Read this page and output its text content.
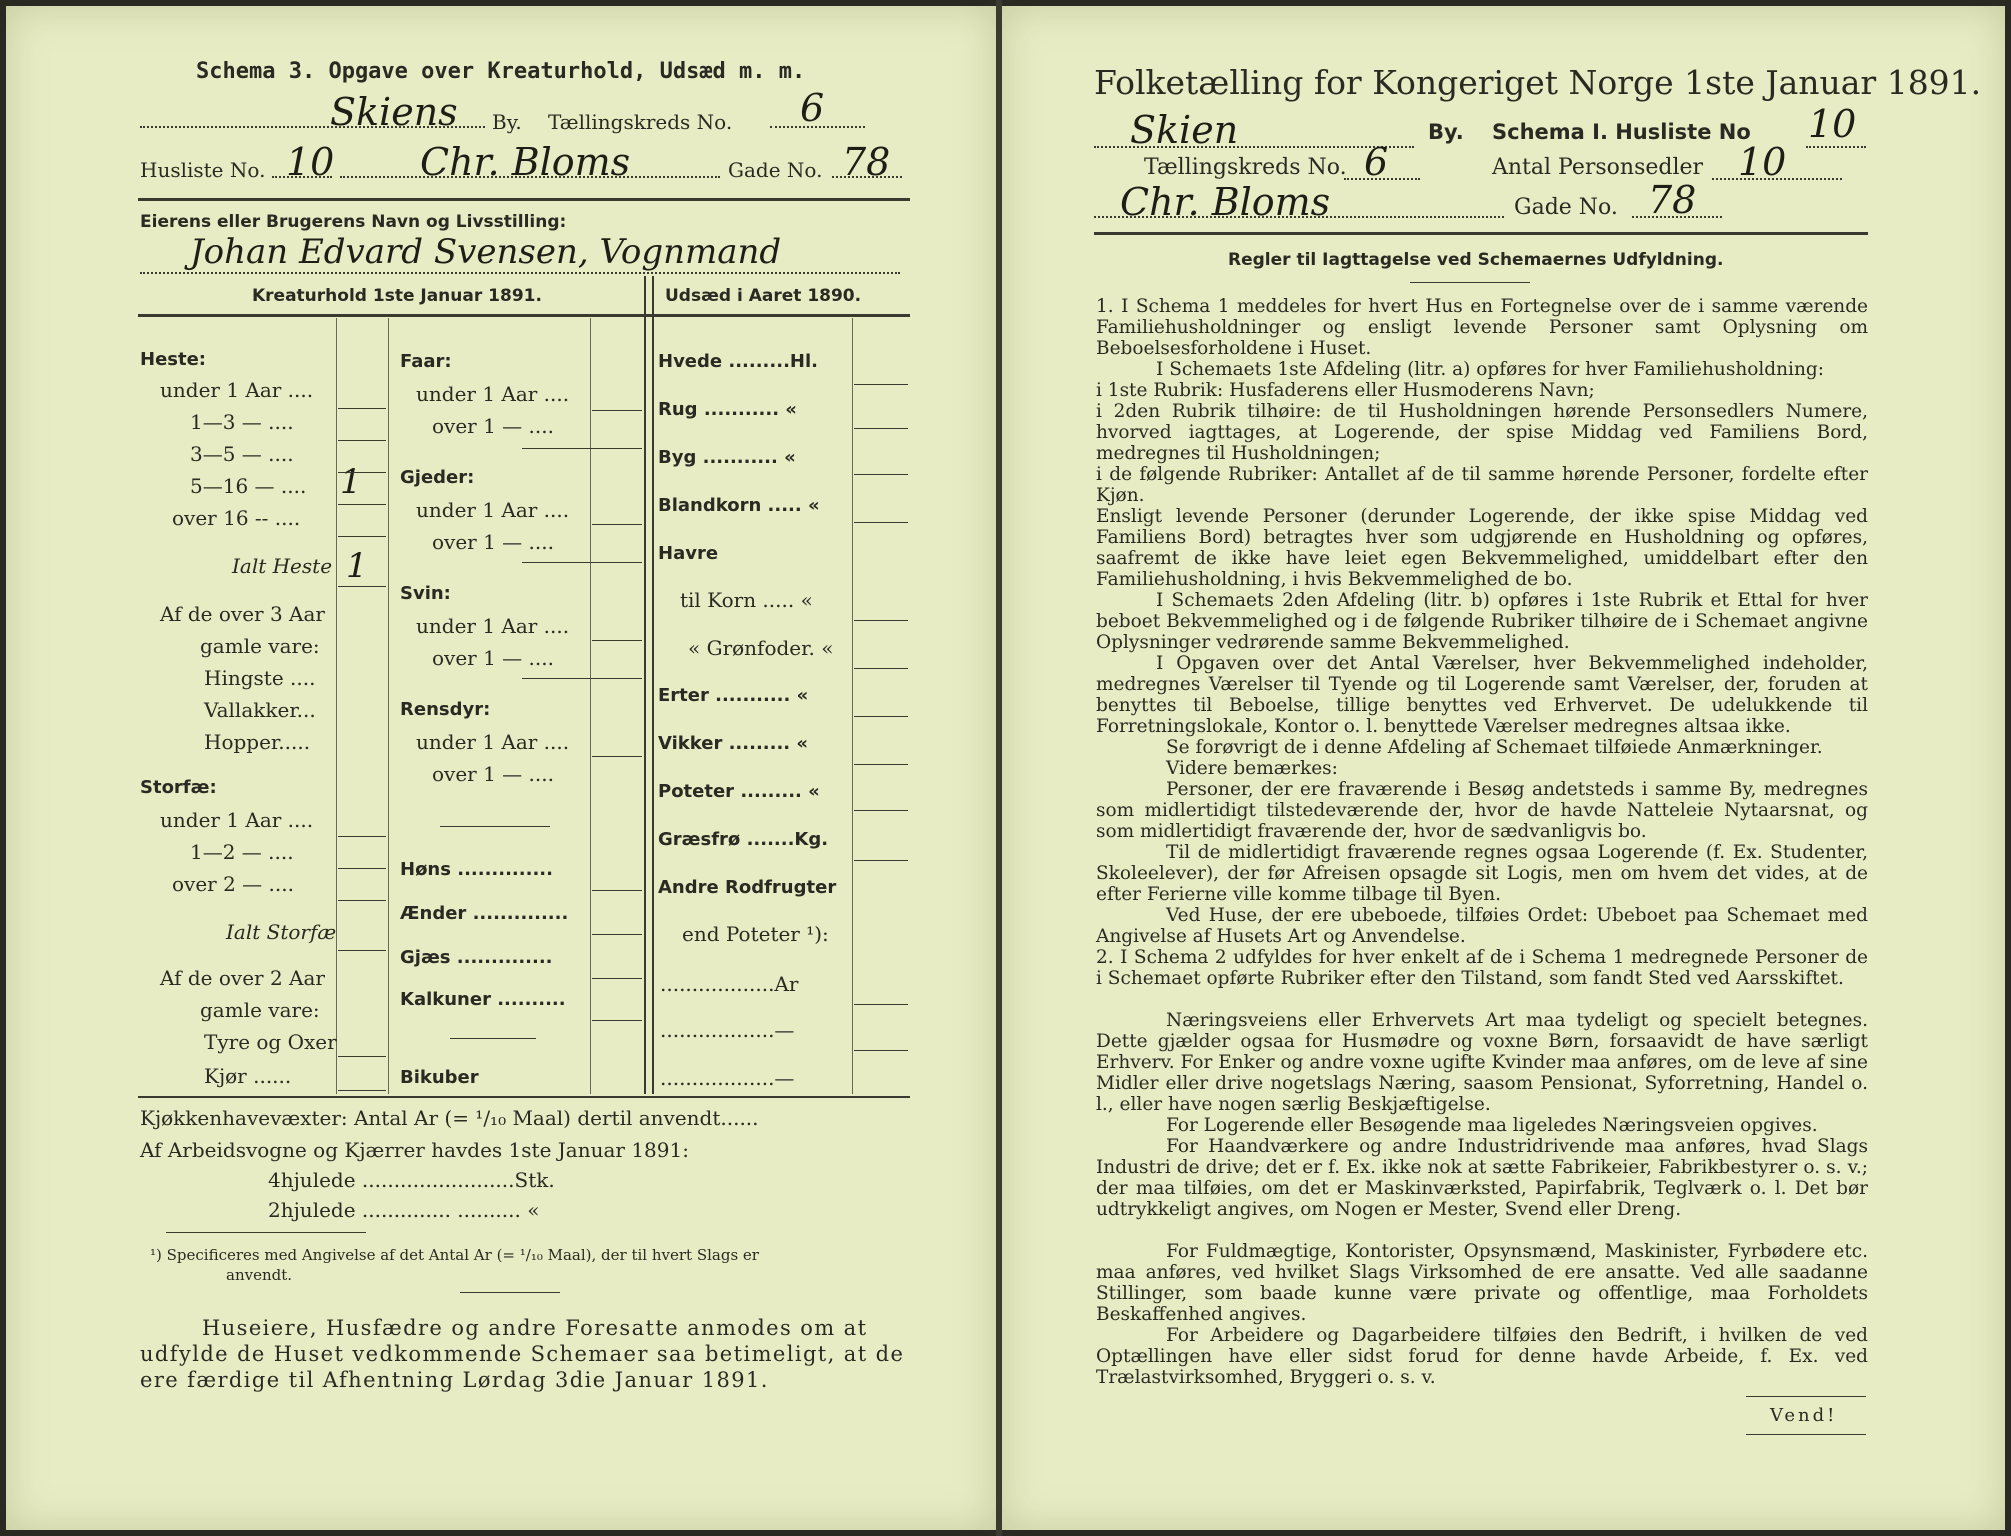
Schema 3. Opgave over Kreaturhold, Udsæd m. m.
Skiens By. Tællingskreds No. 6
Husliste No. 10 Chr. Bloms	Gade No. 78
Eierens eller Brugerens Navn og Livsstilling:
Johan Edvard Svensen, Vognmand
Kreaturhold 1ste Januar 1891.	Udsæd i Aaret 1890.
Heste:
under 1 Aar ....
1—3 — ....
3—5 — ....
5—16 — .... 1
over 16 -- ....
Ialt Heste 1
Af de over 3 Aar
gamle vare:
Hingste ....
Vallakker...
Hopper.....
Storfæ:
under 1 Aar ....
1—2 — ....
over 2 — ....
Ialt Storfæ
Af de over 2 Aar
gamle vare:
Tyre og Oxer
Kjør ......
Faar:
under 1 Aar ....
over 1 — ....
Gjeder:
under 1 Aar ....
over 1 — ....
Svin:
under 1 Aar ....
over 1 — ....
Rensdyr:
under 1 Aar ....
over 1 — ....
Høns ..............
Ænder ..............
Gjæs ..............
Kalkuner ..........
Bikuber
Hvede .........Hl.
Rug ........... «
Byg ........... «
Blandkorn ..... «
Havre
til Korn ..... «
« Grønfoder. «
Erter ........... «
Vikker ......... «
Poteter ......... «
Græsfrø .......Kg.
Andre Rodfrugter
end Poteter ¹):
..................Ar
..................—
..................—
Kjøkkenhavevæxter: Antal Ar (= ¹/₁₀ Maal) dertil anvendt......
Af Arbeidsvogne og Kjærrer havdes 1ste Januar 1891:
4hjulede ........................Stk.
2hjulede .............. .......... «
¹) Specificeres med Angivelse af det Antal Ar (= ¹/₁₀ Maal), der til hvert Slags er
anvendt.
Huseiere, Husfædre og andre Foresatte anmodes om at
udfylde de Huset vedkommende Schemaer saa betimeligt, at de
ere færdige til Afhentning Lørdag 3die Januar 1891.
Folketælling for Kongeriget Norge 1ste Januar 1891.
Skien	By. Schema I. Husliste No 10
Tællingskreds No. 6	Antal Personsedler 10
Chr. Bloms	Gade No. 78
Regler til Iagttagelse ved Schemaernes Udfyldning.
1. I Schema 1 meddeles for hvert Hus en Fortegnelse over de i samme værende Familiehusholdninger og ensligt levende Personer samt Oplysning om Beboelsesforholdene i Huset.
I Schemaets 1ste Afdeling (litr. a) opføres for hver Familiehusholdning:
i 1ste Rubrik: Husfaderens eller Husmoderens Navn;
i 2den Rubrik tilhøire: de til Husholdningen hørende Personsedlers Numere, hvorved iagttages, at Logerende, der spise Middag ved Familiens Bord, medregnes til Husholdningen;
i de følgende Rubriker: Antallet af de til samme hørende Personer, fordelte efter Kjøn.
Ensligt levende Personer (derunder Logerende, der ikke spise Middag ved Familiens Bord) betragtes hver som udgjørende en Husholdning og opføres, saafremt de ikke have leiet egen Bekvemmelighed, umiddelbart efter den Familiehusholdning, i hvis Bekvemmelighed de bo.
I Schemaets 2den Afdeling (litr. b) opføres i 1ste Rubrik et Ettal for hver beboet Bekvemmelighed og i de følgende Rubriker tilhøire de i Schemaet angivne Oplysninger vedrørende samme Bekvemmelighed.
I Opgaven over det Antal Værelser, hver Bekvemmelighed indeholder, medregnes Værelser til Tyende og til Logerende samt Værelser, der, foruden at benyttes til Beboelse, tillige benyttes ved Erhvervet. De udelukkende til Forretningslokale, Kontor o. l. benyttede Værelser medregnes altsaa ikke.
Se forøvrigt de i denne Afdeling af Schemaet tilføiede Anmærkninger.
Videre bemærkes:
Personer, der ere fraværende i Besøg andetsteds i samme By, medregnes som midlertidigt tilstedeværende der, hvor de havde Natteleie Nytaarsnat, og som midlertidigt fraværende der, hvor de sædvanligvis bo.
Til de midlertidigt fraværende regnes ogsaa Logerende (f. Ex. Studenter, Skoleelever), der før Afreisen opsagde sit Logis, men om hvem det vides, at de efter Ferierne ville komme tilbage til Byen.
Ved Huse, der ere ubeboede, tilføies Ordet: Ubeboet paa Schemaet med Angivelse af Husets Art og Anvendelse.
2. I Schema 2 udfyldes for hver enkelt af de i Schema 1 medregnede Personer de i Schemaet opførte Rubriker efter den Tilstand, som fandt Sted ved Aarsskiftet.
Næringsveiens eller Erhvervets Art maa tydeligt og specielt betegnes. Dette gjælder ogsaa for Husmødre og voxne Børn, forsaavidt de have særligt Erhverv. For Enker og andre voxne ugifte Kvinder maa anføres, om de leve af sine Midler eller drive nogetslags Næring, saasom Pensionat, Syforretning, Handel o. l., eller have nogen særlig Beskjæftigelse.
For Logerende eller Besøgende maa ligeledes Næringsveien opgives.
For Haandværkere og andre Industridrivende maa anføres, hvad Slags Industri de drive; det er f. Ex. ikke nok at sætte Fabrikeier, Fabrikbestyrer o. s. v.; der maa tilføies, om det er Maskinværksted, Papirfabrik, Teglværk o. l. Det bør udtrykkeligt angives, om Nogen er Mester, Svend eller Dreng.
For Fuldmægtige, Kontorister, Opsynsmænd, Maskinister, Fyrbødere etc. maa anføres, ved hvilket Slags Virksomhed de ere ansatte. Ved alle saadanne Stillinger, som baade kunne være private og offentlige, maa Forholdets Beskaffenhed angives.
For Arbeidere og Dagarbeidere tilføies den Bedrift, i hvilken de ved Optællingen have eller sidst forud for denne havde Arbeide, f. Ex. ved Trælastvirksomhed, Bryggeri o. s. v.
Vend!
